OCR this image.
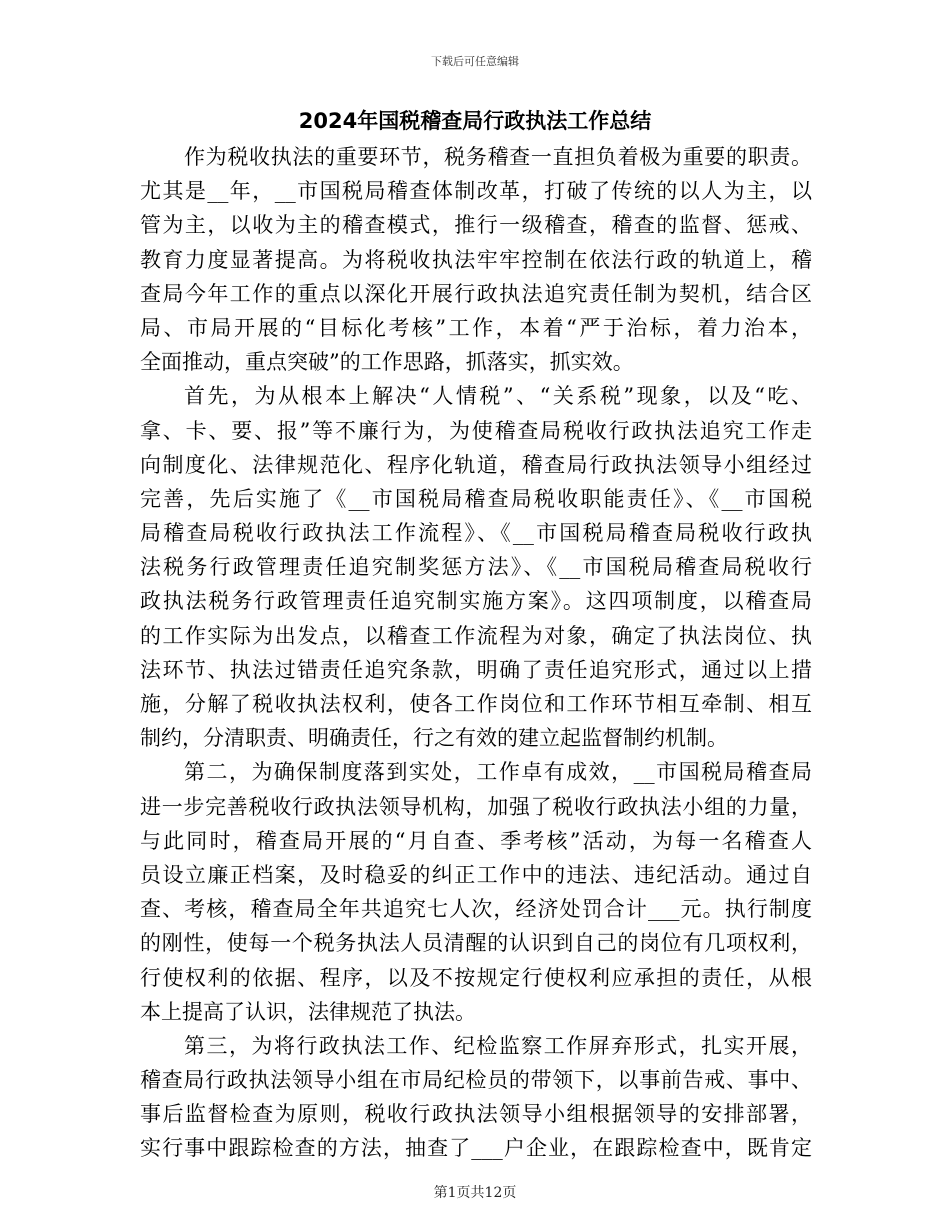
下载后可任意编辑
2024年国税稽查局行政执法工作总结
作为税收执法的重要环节，税务稽查一直担负着极为重要的职责。
尤其是__年，__市国税局稽查体制改革，打破了传统的以人为主，以
管为主，以收为主的稽查模式，推行一级稽查，稽查的监督、惩戒、
教育力度显著提高。为将税收执法牢牢控制在依法行政的轨道上，稽
查局今年工作的重点以深化开展行政执法追究责任制为契机，结合区
局、市局开展的“目标化考核”工作，本着“严于治标，着力治本，
全面推动，重点突破”的工作思路，抓落实，抓实效。
首先，为从根本上解决“人情税”、“关系税”现象，以及“吃、
拿、卡、要、报”等不廉行为，为使稽查局税收行政执法追究工作走
向制度化、法律规范化、程序化轨道，稽查局行政执法领导小组经过
完善，先后实施了《__市国税局稽查局税收职能责任》、《__市国税
局稽查局税收行政执法工作流程》、《__市国税局稽查局税收行政执
法税务行政管理责任追究制奖惩方法》、《__市国税局稽查局税收行
政执法税务行政管理责任追究制实施方案》。这四项制度，以稽查局
的工作实际为出发点，以稽查工作流程为对象，确定了执法岗位、执
法环节、执法过错责任追究条款，明确了责任追究形式，通过以上措
施，分解了税收执法权利，使各工作岗位和工作环节相互牵制、相互
制约，分清职责、明确责任，行之有效的建立起监督制约机制。
第二，为确保制度落到实处，工作卓有成效，__市国税局稽查局
进一步完善税收行政执法领导机构，加强了税收行政执法小组的力量，
与此同时，稽查局开展的“月自查、季考核”活动，为每一名稽查人
员设立廉正档案，及时稳妥的纠正工作中的违法、违纪活动。通过自
查、考核，稽查局全年共追究七人次，经济处罚合计___元。执行制度
的刚性，使每一个税务执法人员清醒的认识到自己的岗位有几项权利，
行使权利的依据、程序，以及不按规定行使权利应承担的责任，从根
本上提高了认识，法律规范了执法。
第三，为将行政执法工作、纪检监察工作屏弃形式，扎实开展，
稽查局行政执法领导小组在市局纪检员的带领下，以事前告戒、事中、
事后监督检查为原则，税收行政执法领导小组根据领导的安排部署，
实行事中跟踪检查的方法，抽查了___户企业，在跟踪检查中，既肯定
第1页共12页
